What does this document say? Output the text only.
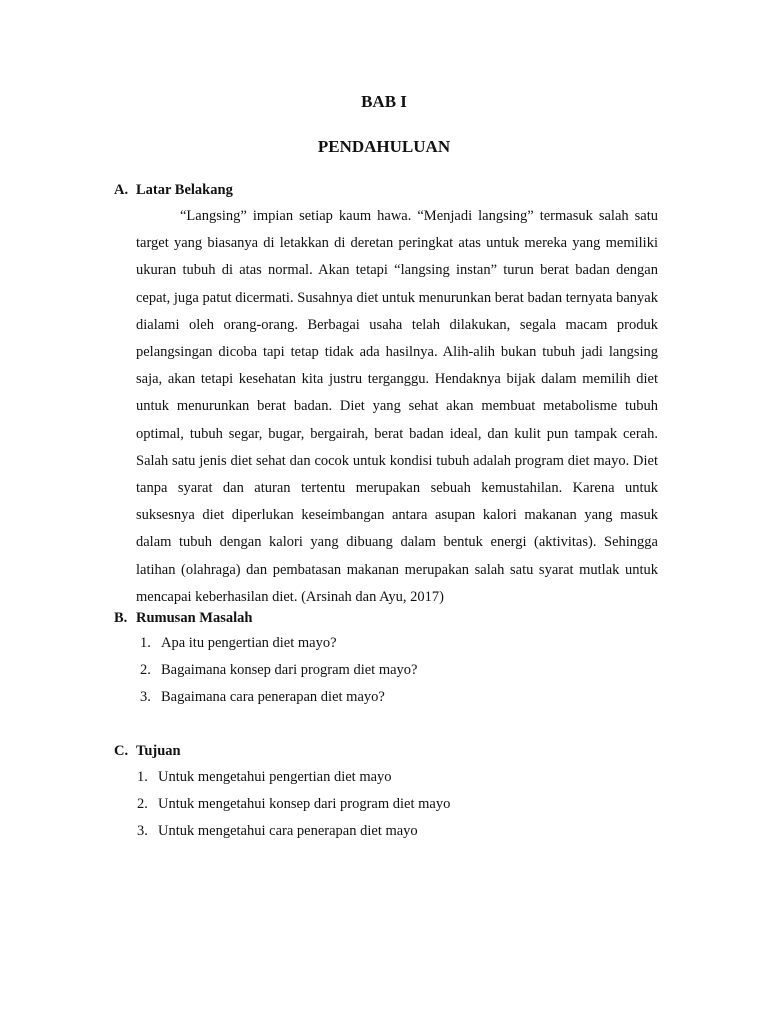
BAB I
PENDAHULUAN
A. Latar Belakang

“Langsing” impian setiap kaum hawa. “Menjadi langsing” termasuk salah satu target yang biasanya di letakkan di deretan peringkat atas untuk mereka yang memiliki ukuran tubuh di atas normal. Akan tetapi “langsing instan” turun berat badan dengan cepat, juga patut dicermati. Susahnya diet untuk menurunkan berat badan ternyata banyak dialami oleh orang-orang. Berbagai usaha telah dilakukan, segala macam produk pelangsingan dicoba tapi tetap tidak ada hasilnya. Alih-alih bukan tubuh jadi langsing saja, akan tetapi kesehatan kita justru terganggu. Hendaknya bijak dalam memilih diet untuk menurunkan berat badan. Diet yang sehat akan membuat metabolisme tubuh optimal, tubuh segar, bugar, bergairah, berat badan ideal, dan kulit pun tampak cerah. Salah satu jenis diet sehat dan cocok untuk kondisi tubuh adalah program diet mayo. Diet tanpa syarat dan aturan tertentu merupakan sebuah kemustahilan. Karena untuk suksesnya diet diperlukan keseimbangan antara asupan kalori makanan yang masuk dalam tubuh dengan kalori yang dibuang dalam bentuk energi (aktivitas). Sehingga latihan (olahraga) dan pembatasan makanan merupakan salah satu syarat mutlak untuk mencapai keberhasilan diet. (Arsinah dan Ayu, 2017)

B. Rumusan Masalah
1. Apa itu pengertian diet mayo?
2. Bagaimana konsep dari program diet mayo?
3. Bagaimana cara penerapan diet mayo?
C. Tujuan
1. Untuk mengetahui pengertian diet mayo
2. Untuk mengetahui konsep dari program diet mayo
3. Untuk mengetahui cara penerapan diet mayo
